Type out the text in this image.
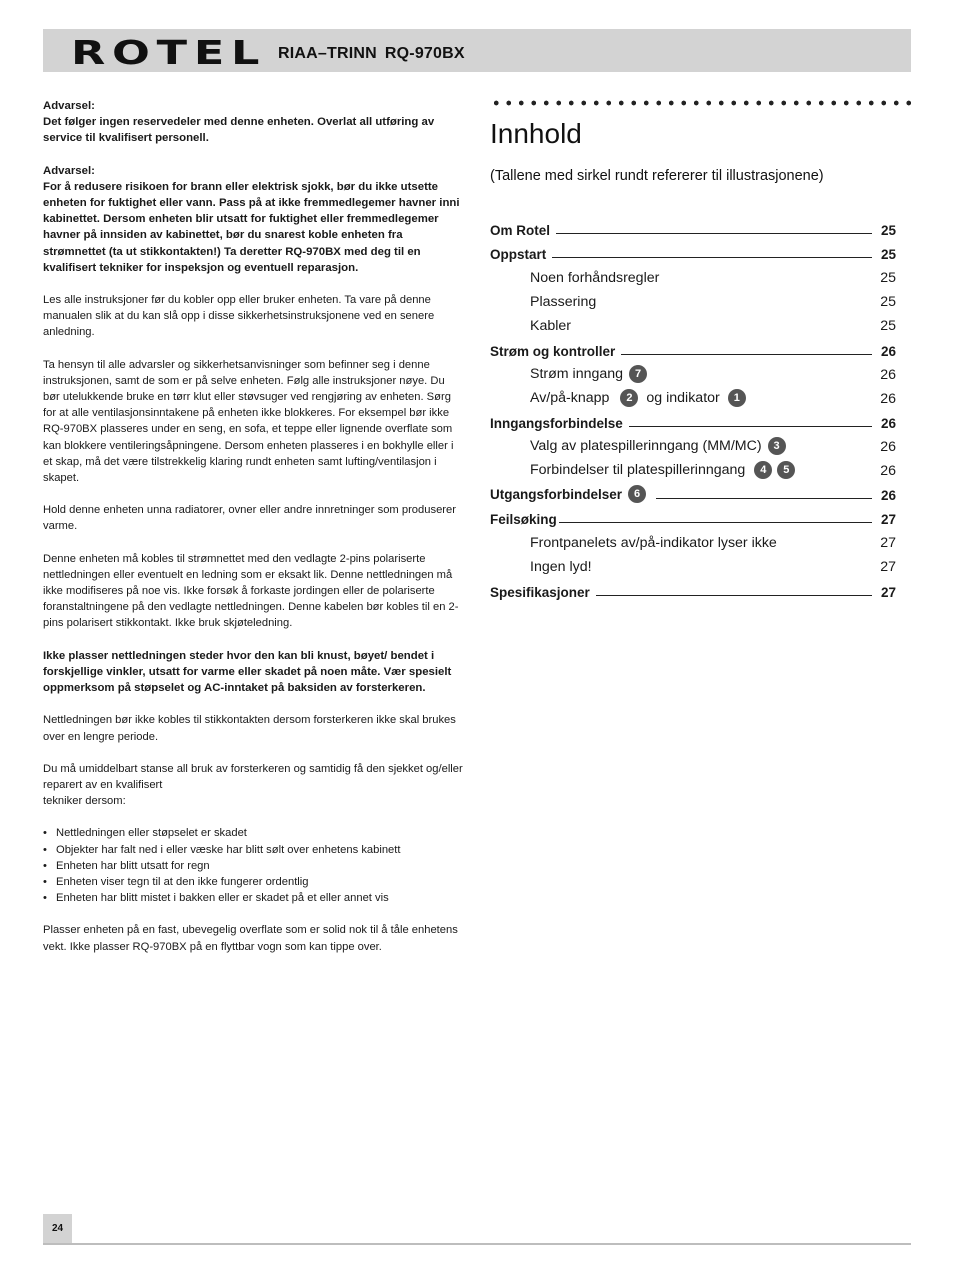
ROTEL RIAA–TRINN RQ-970BX

Advarsel:
Det følger ingen reservedeler med denne enheten. Overlat all utføring av service til kvalifisert personell.

Advarsel:
For å redusere risikoen for brann eller elektrisk sjokk, bør du ikke utsette enheten for fuktighet eller vann. Pass på at ikke fremmedlegemer havner inni kabinettet. Dersom enheten blir utsatt for fuktighet eller fremmedlegemer havner på innsiden av kabinettet, bør du snarest koble enheten fra strømnettet (ta ut stikkontakten!) Ta deretter RQ-970BX med deg til en kvalifisert tekniker for inspeksjon og eventuell reparasjon.

Les alle instruksjoner før du kobler opp eller bruker enheten. Ta vare på denne manualen slik at du kan slå opp i disse sikkerhetsinstruksjonene ved en senere anledning.

Ta hensyn til alle advarsler og sikkerhetsanvisninger som befinner seg i denne instruksjonen, samt de som er på selve enheten. Følg alle instruksjoner nøye. Du bør utelukkende bruke en tørr klut eller støvsuger ved rengjøring av enheten. Sørg for at alle ventilasjonsinntakene på enheten ikke blokkeres. For eksempel bør ikke RQ-970BX plasseres under en seng, en sofa, et teppe eller lignende overflate som kan blokkere ventileringsåpningene. Dersom enheten plasseres i en bokhylle eller i et skap, må det være tilstrekkelig klaring rundt enheten samt lufting/ventilasjon i skapet.

Hold denne enheten unna radiatorer, ovner eller andre innretninger som produserer varme.

Denne enheten må kobles til strømnettet med den vedlagte 2-pins polariserte nettledningen eller eventuelt en ledning som er eksakt lik. Denne nettledningen må ikke modifiseres på noe vis. Ikke forsøk å forkaste jordingen eller de polariserte foranstaltningene på den vedlagte nettledningen. Denne kabelen bør kobles til en 2-pins polarisert stikkontakt. Ikke bruk skjøteledning.

Ikke plasser nettledningen steder hvor den kan bli knust, bøyet/ bendet i forskjellige vinkler, utsatt for varme eller skadet på noen måte. Vær spesielt oppmerksom på støpselet og AC-inntaket på baksiden av forsterkeren.

Nettledningen bør ikke kobles til stikkontakten dersom forsterkeren ikke skal brukes over en lengre periode.

Du må umiddelbart stanse all bruk av forsterkeren og samtidig få den sjekket og/eller reparert av en kvalifisert
tekniker dersom:

• Nettledningen eller støpselet er skadet
• Objekter har falt ned i eller væske har blitt sølt over enhetens kabinett
• Enheten har blitt utsatt for regn
• Enheten viser tegn til at den ikke fungerer ordentlig
• Enheten har blitt mistet i bakken eller er skadet på et eller annet vis

Plasser enheten på en fast, ubevegelig overflate som er solid nok til å tåle enhetens vekt. Ikke plasser RQ-970BX på en flyttbar vogn som kan tippe over.

Innhold
(Tallene med sirkel rundt refererer til illustrasjonene)
Om Rotel	25
Oppstart	25
Noen forhåndsregler	25
Plassering	25
Kabler	25
Strøm og kontroller	26
Strøm inngang	7	26
Av/på-knapp	2 og indikator	1	26
Inngangsforbindelse	26
Valg av platespillerinngang (MM/MC)	3	26
Forbindelser til platespillerinngang	4	5	26
Utgangsforbindelser	6	26
Feilsøking	27
Frontpanelets av/på-indikator lyser ikke	27
Ingen lyd!	27
Spesifikasjoner	27
24
